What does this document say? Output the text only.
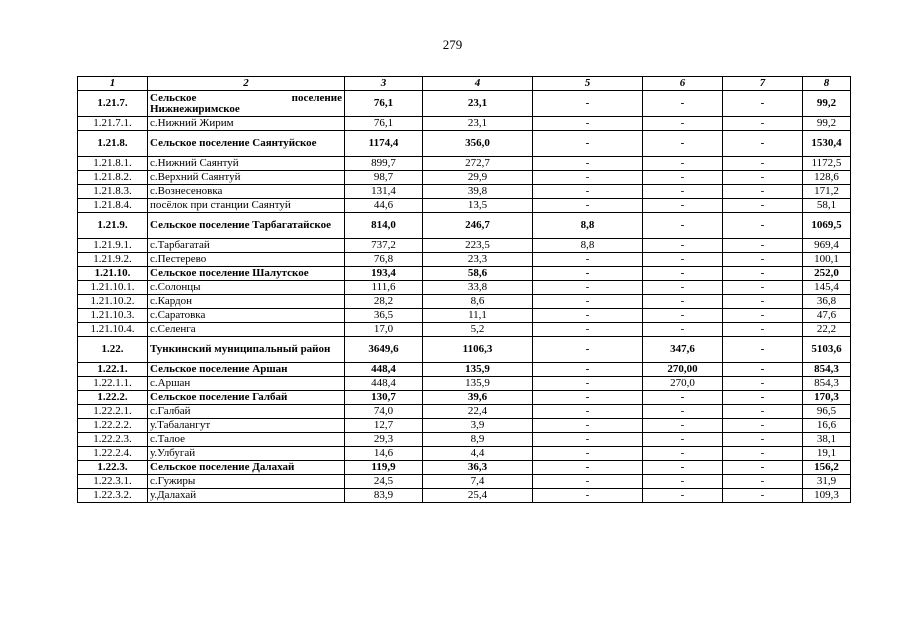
279
1	2	3	4	5	6	7	8
1.21.7.	Сельское поселение Нижнежиримское	76,1	23,1	-	-	-	99,2
1.21.7.1.	с.Нижний Жирим	76,1	23,1	-	-	-	99,2
1.21.8.	Сельское поселение Саянтуйское	1174,4	356,0	-	-	-	1530,4
1.21.8.1.	с.Нижний Саянтуй	899,7	272,7	-	-	-	1172,5
1.21.8.2.	с.Верхний Саянтуй	98,7	29,9	-	-	-	128,6
1.21.8.3.	с.Вознесеновка	131,4	39,8	-	-	-	171,2
1.21.8.4.	посёлок при станции Саянтуй	44,6	13,5	-	-	-	58,1
1.21.9.	Сельское поселение Тарбагатайское	814,0	246,7	8,8	-	-	1069,5
1.21.9.1.	с.Тарбагатай	737,2	223,5	8,8	-	-	969,4
1.21.9.2.	с.Пестерево	76,8	23,3	-	-	-	100,1
1.21.10.	Сельское поселение Шалутское	193,4	58,6	-	-	-	252,0
1.21.10.1.	с.Солонцы	111,6	33,8	-	-	-	145,4
1.21.10.2.	с.Кардон	28,2	8,6	-	-	-	36,8
1.21.10.3.	с.Саратовка	36,5	11,1	-	-	-	47,6
1.21.10.4.	с.Селенга	17,0	5,2	-	-	-	22,2
1.22.	Тункинский муниципальный район	3649,6	1106,3	-	347,6	-	5103,6
1.22.1.	Сельское поселение Аршан	448,4	135,9	-	270,00	-	854,3
1.22.1.1.	с.Аршан	448,4	135,9	-	270,0	-	854,3
1.22.2.	Сельское поселение Галбай	130,7	39,6	-	-	-	170,3
1.22.2.1.	с.Галбай	74,0	22,4	-	-	-	96,5
1.22.2.2.	у.Табалангут	12,7	3,9	-	-	-	16,6
1.22.2.3.	с.Талое	29,3	8,9	-	-	-	38,1
1.22.2.4.	у.Улбугай	14,6	4,4	-	-	-	19,1
1.22.3.	Сельское поселение Далахай	119,9	36,3	-	-	-	156,2
1.22.3.1.	с.Гужиры	24,5	7,4	-	-	-	31,9
1.22.3.2.	у.Далахай	83,9	25,4	-	-	-	109,3
